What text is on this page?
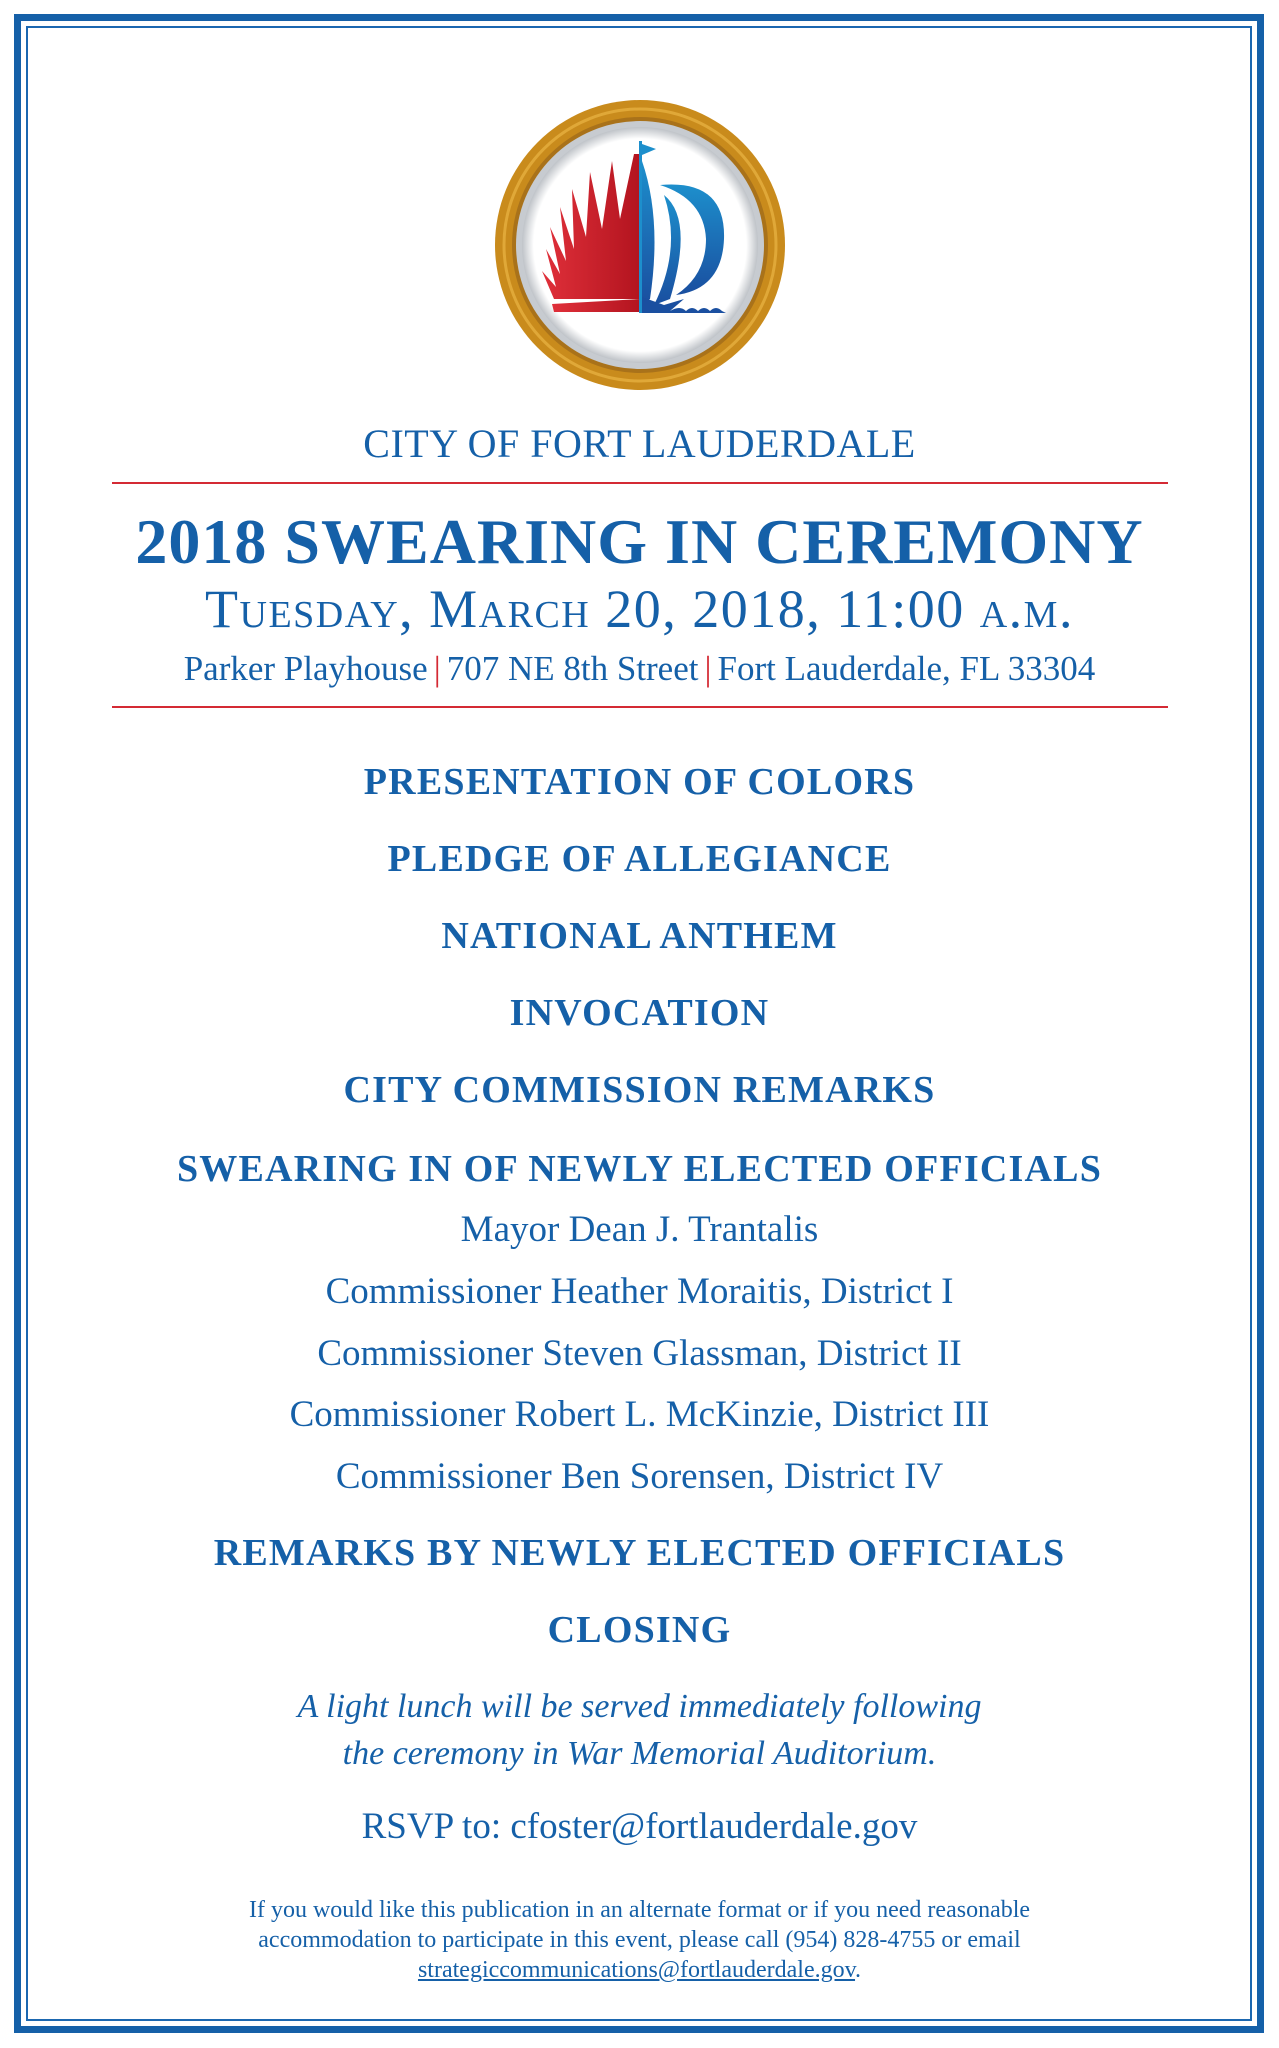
CITY OF FORT LAUDERDALE
2018 SWEARING IN CEREMONY
Tuesday, March 20, 2018, 11:00 a.m.
Parker Playhouse | 707 NE 8th Street | Fort Lauderdale, FL 33304
PRESENTATION OF COLORS
PLEDGE OF ALLEGIANCE
NATIONAL ANTHEM
INVOCATION
CITY COMMISSION REMARKS
SWEARING IN OF NEWLY ELECTED OFFICIALS
Mayor Dean J. Trantalis
Commissioner Heather Moraitis, District I
Commissioner Steven Glassman, District II
Commissioner Robert L. McKinzie, District III
Commissioner Ben Sorensen, District IV
REMARKS BY NEWLY ELECTED OFFICIALS
CLOSING
A light lunch will be served immediately following
the ceremony in War Memorial Auditorium.
RSVP to: cfoster@fortlauderdale.gov
If you would like this publication in an alternate format or if you need reasonable
accommodation to participate in this event, please call (954) 828-4755 or email
strategiccommunications@fortlauderdale.gov.
